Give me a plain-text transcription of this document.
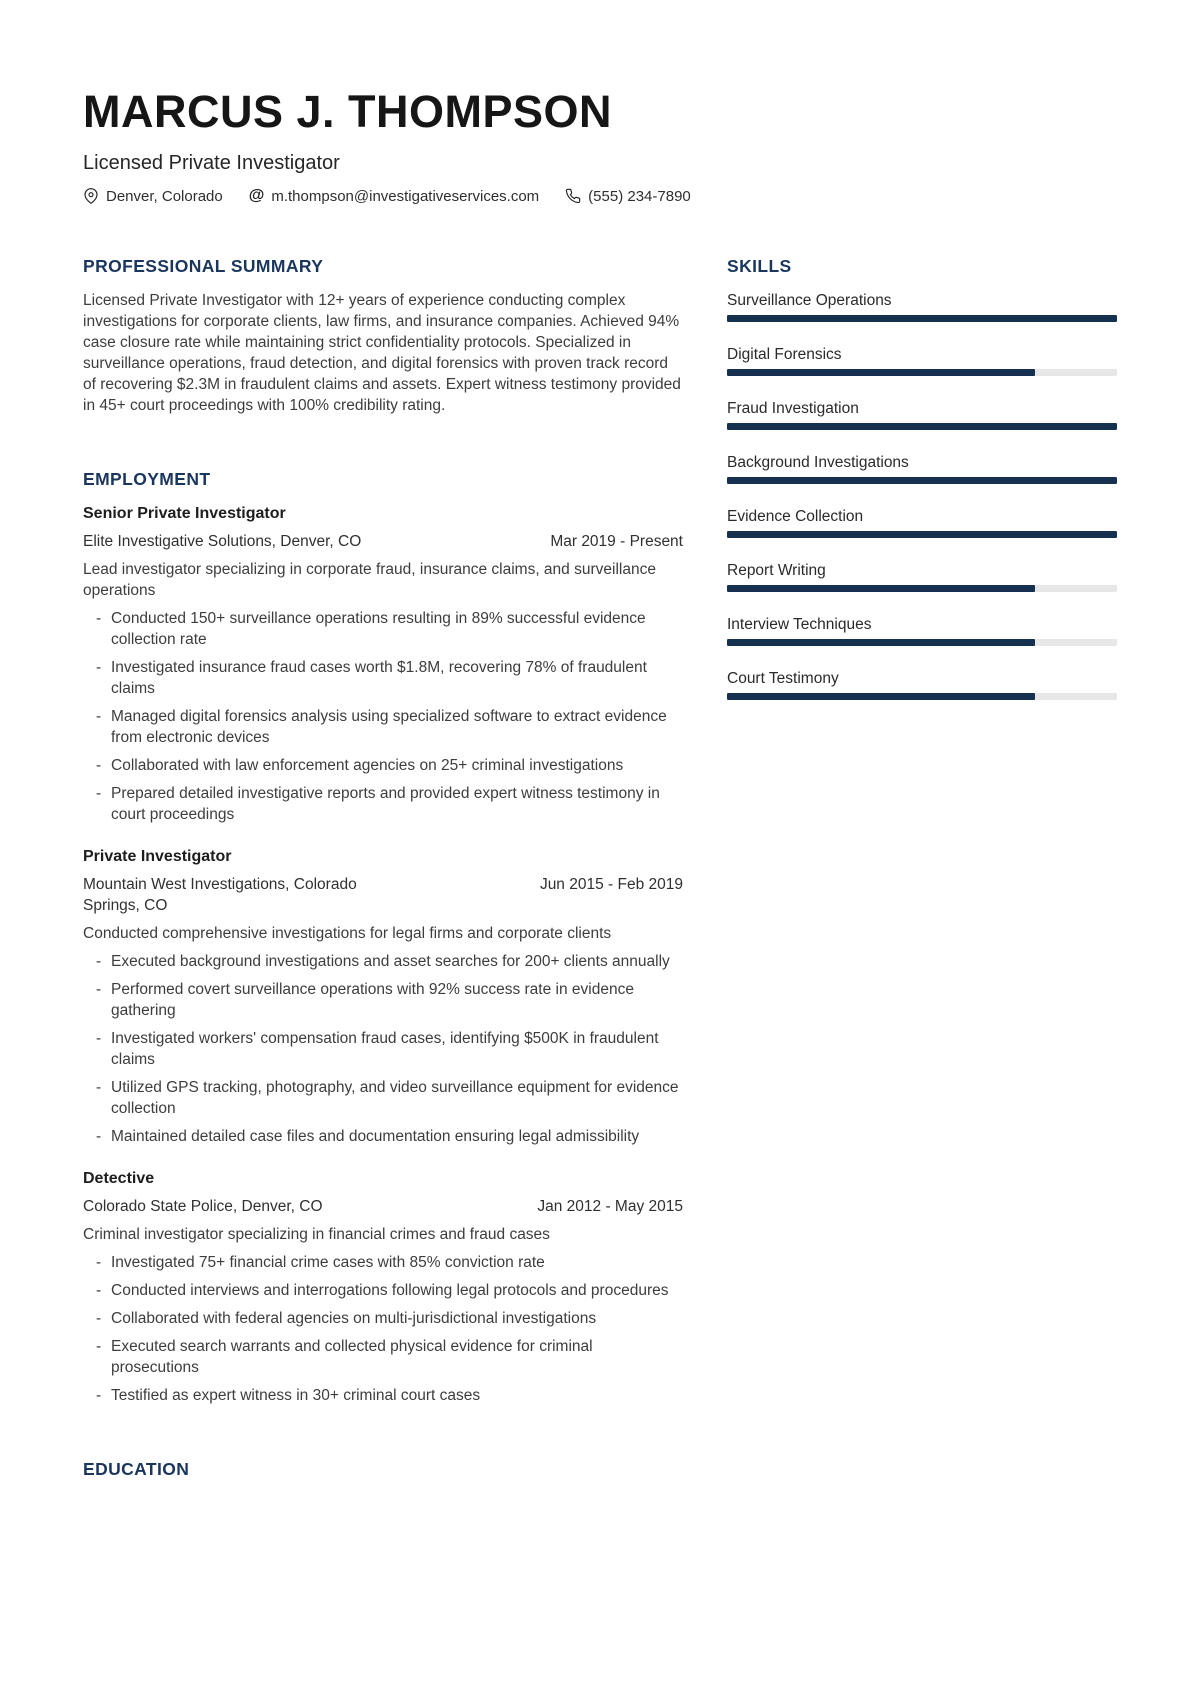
MARCUS J. THOMPSON
Licensed Private Investigator
Denver, Colorado @ m.thompson@investigativeservices.com	(555) 234-7890
PROFESSIONAL SUMMARY

Licensed Private Investigator with 12+ years of experience conducting complex investigations for corporate clients, law firms, and insurance companies. Achieved 94% case closure rate while maintaining strict confidentiality protocols. Specialized in surveillance operations, fraud detection, and digital forensics with proven track record of recovering $2.3M in fraudulent claims and assets. Expert witness testimony provided in 45+ court proceedings with 100% credibility rating.

EMPLOYMENT
Senior Private Investigator
Elite Investigative Solutions, Denver, CO	Mar 2019 - Present

Lead investigator specializing in corporate fraud, insurance claims, and surveillance operations

- Conducted 150+ surveillance operations resulting in 89% successful evidence collection rate
- Investigated insurance fraud cases worth $1.8M, recovering 78% of fraudulent claims
- Managed digital forensics analysis using specialized software to extract evidence from electronic devices
- Collaborated with law enforcement agencies on 25+ criminal investigations
- Prepared detailed investigative reports and provided expert witness testimony in court proceedings
Private Investigator
Mountain West Investigations, Colorado Springs, CO
Jun 2015 - Feb 2019

Conducted comprehensive investigations for legal firms and corporate clients

- Executed background investigations and asset searches for 200+ clients annually
- Performed covert surveillance operations with 92% success rate in evidence gathering
- Investigated workers' compensation fraud cases, identifying $500K in fraudulent claims
- Utilized GPS tracking, photography, and video surveillance equipment for evidence collection
- Maintained detailed case files and documentation ensuring legal admissibility
Detective
Colorado State Police, Denver, CO	Jan 2012 - May 2015

Criminal investigator specializing in financial crimes and fraud cases

- Investigated 75+ financial crime cases with 85% conviction rate
- Conducted interviews and interrogations following legal protocols and procedures
- Collaborated with federal agencies on multi-jurisdictional investigations
- Executed search warrants and collected physical evidence for criminal prosecutions
- Testified as expert witness in 30+ criminal court cases
EDUCATION
SKILLS
Surveillance Operations
Digital Forensics
Fraud Investigation
Background Investigations
Evidence Collection
Report Writing
Interview Techniques
Court Testimony
